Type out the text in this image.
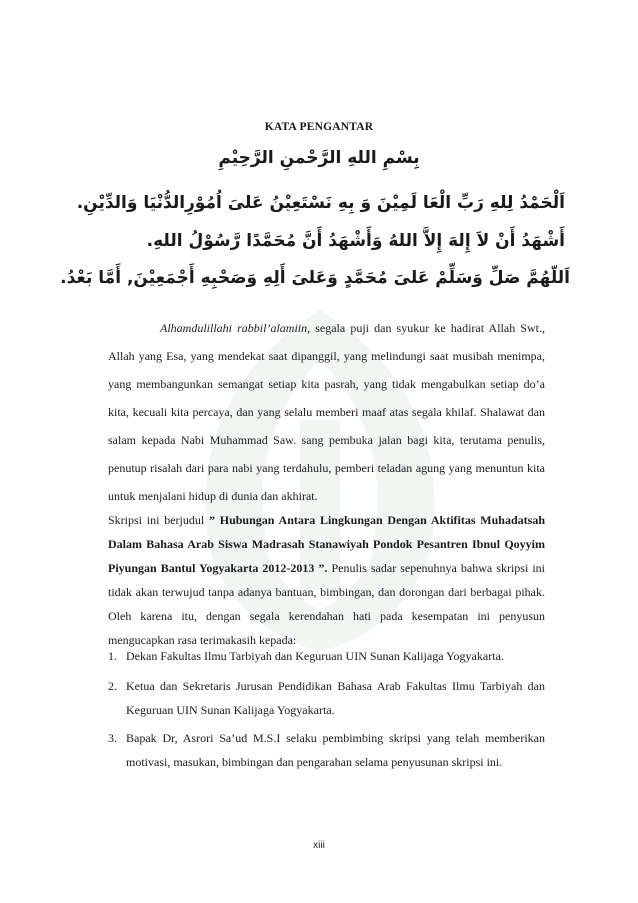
KATA PENGANTAR
بِسْمِ اللهِ الرَّحْمنِ الرَّحِيْمِ
اَلْحَمْدُ لِلهِ رَبِّ الْعَا لَمِيْنَ وَ بِهِ نَسْتَعِيْنُ عَلىَ اُمُوْرِالدُّنْيَا وَالدِّيْنِ.
أَشْهَدُ أَنْ لاَ إِلهَ إِلاَّ اللهُ وَأَشْهَدُ أَنَّ مُحَمَّدًا رَّسُوْلُ اللهِ.
اَللّهُمَّ صَلِّ وَسَلِّمْ عَلىَ مُحَمَّدٍ وَعَلىَ أَلِهِ وَصَحْبِهِ أَجْمَعِيْنَ, أَمَّا بَعْدُ.
Alhamdulillahi rabbil’alamiin, segala puji dan syukur ke hadirat Allah Swt.,
Allah yang Esa, yang mendekat saat dipanggil, yang melindungi saat musibah menimpa,
yang membangunkan semangat setiap kita pasrah, yang tidak mengabulkan setiap do’a
kita, kecuali kita percaya, dan yang selalu memberi maaf atas segala khilaf. Shalawat dan
salam kepada Nabi Muhammad Saw. sang pembuka jalan bagi kita, terutama penulis,
penutup risalah dari para nabi yang terdahulu, pemberi teladan agung yang menuntun kita
untuk menjalani hidup di dunia dan akhirat.
Skripsi ini berjudul ” Hubungan Antara Lingkungan Dengan Aktifitas Muhadatsah
Dalam Bahasa Arab Siswa Madrasah Stanawiyah Pondok Pesantren Ibnul Qoyyim
Piyungan Bantul Yogyakarta 2012-2013 ”. Penulis sadar sepenuhnya bahwa skripsi ini
tidak akan terwujud tanpa adanya bantuan, bimbingan, dan dorongan dari berbagai pihak.
Oleh karena itu, dengan segala kerendahan hati pada kesempatan ini penyusun
mengucapkan rasa terimakasih kepada:
1. Dekan Fakultas Ilmu Tarbiyah dan Keguruan UIN Sunan Kalijaga Yogyakarta.
2. Ketua dan Sekretaris Jurusan Pendidikan Bahasa Arab Fakultas Ilmu Tarbiyah dan
Keguruan UIN Sunan Kalijaga Yogyakarta.
3. Bapak Dr, Asrori Sa’ud M.S.I selaku pembimbing skripsi yang telah memberikan
motivasi, masukan, bimbingan dan pengarahan selama penyusunan skripsi ini.
xiii
